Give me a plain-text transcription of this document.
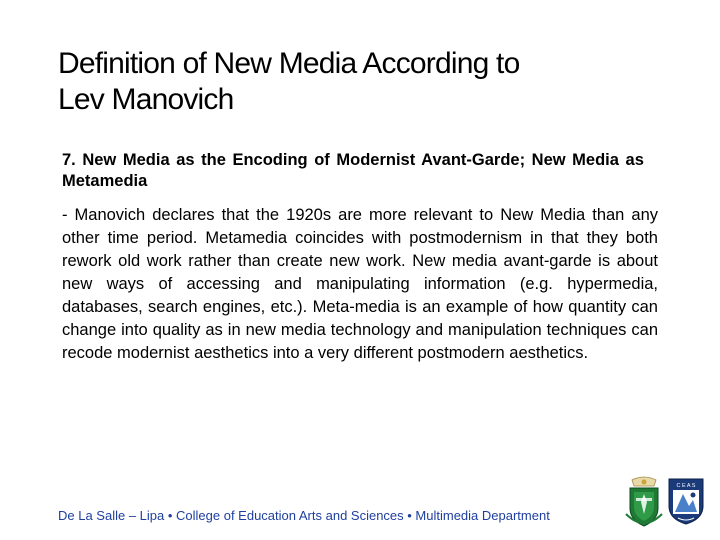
Definition of New Media According to
Lev Manovich
7. New Media as the Encoding of Modernist Avant-Garde; New Media as Metamedia
- Manovich declares that the 1920s are more relevant to New Media than any other time period. Metamedia coincides with postmodernism in that they both rework old work rather than create new work. New media avant-garde is about new ways of accessing and manipulating information (e.g. hypermedia, databases, search engines, etc.). Meta-media is an example of how quantity can change into quality as in new media technology and manipulation techniques can recode modernist aesthetics into a very different postmodern aesthetics.
De La Salle – Lipa • College of Education Arts and Sciences • Multimedia Department
C E A S
